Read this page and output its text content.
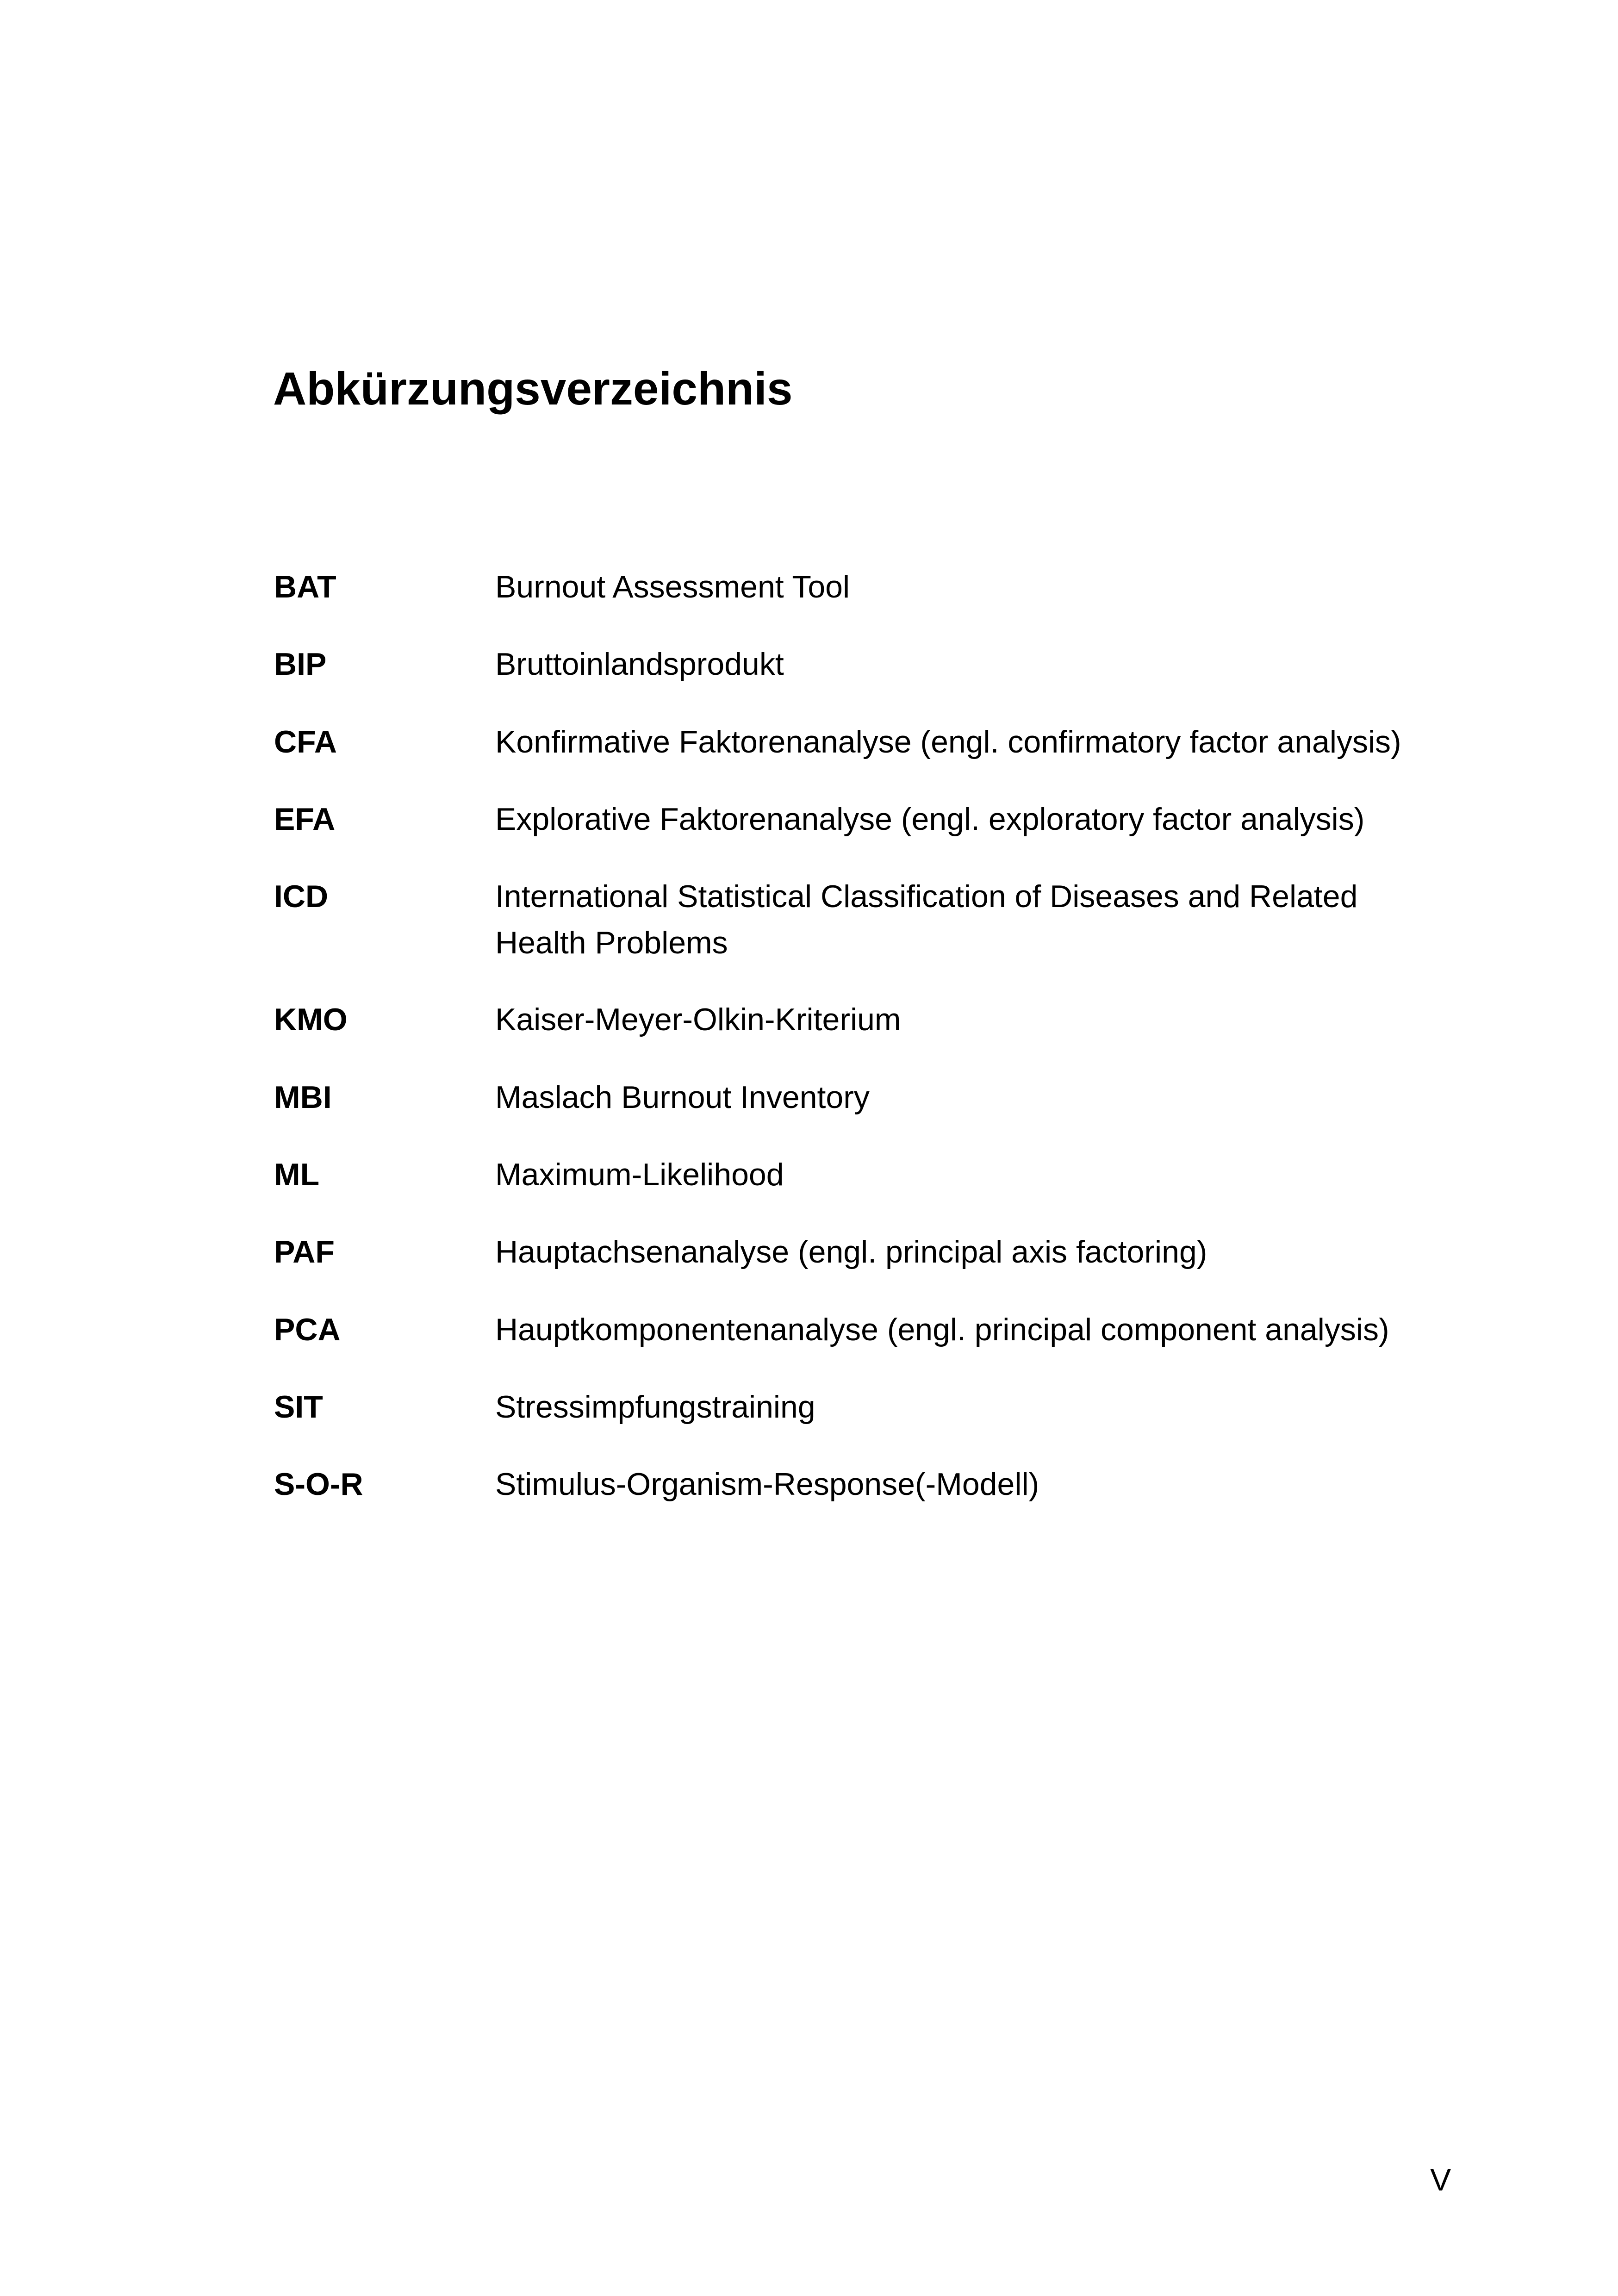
Abkürzungsverzeichnis
BAT	Burnout Assessment Tool
BIP	Bruttoinlandsprodukt
CFA	Konfirmative Faktorenanalyse (engl. confirmatory factor analysis)
EFA	Explorative Faktorenanalyse (engl. exploratory factor analysis)
ICD	International Statistical Classification of Diseases and Related
Health Problems
KMO	Kaiser-Meyer-Olkin-Kriterium
MBI	Maslach Burnout Inventory
ML	Maximum-Likelihood
PAF	Hauptachsenanalyse (engl. principal axis factoring)
PCA	Hauptkomponentenanalyse (engl. principal component analysis)
SIT	Stressimpfungstraining
S-O-R	Stimulus-Organism-Response(-Modell)
V
